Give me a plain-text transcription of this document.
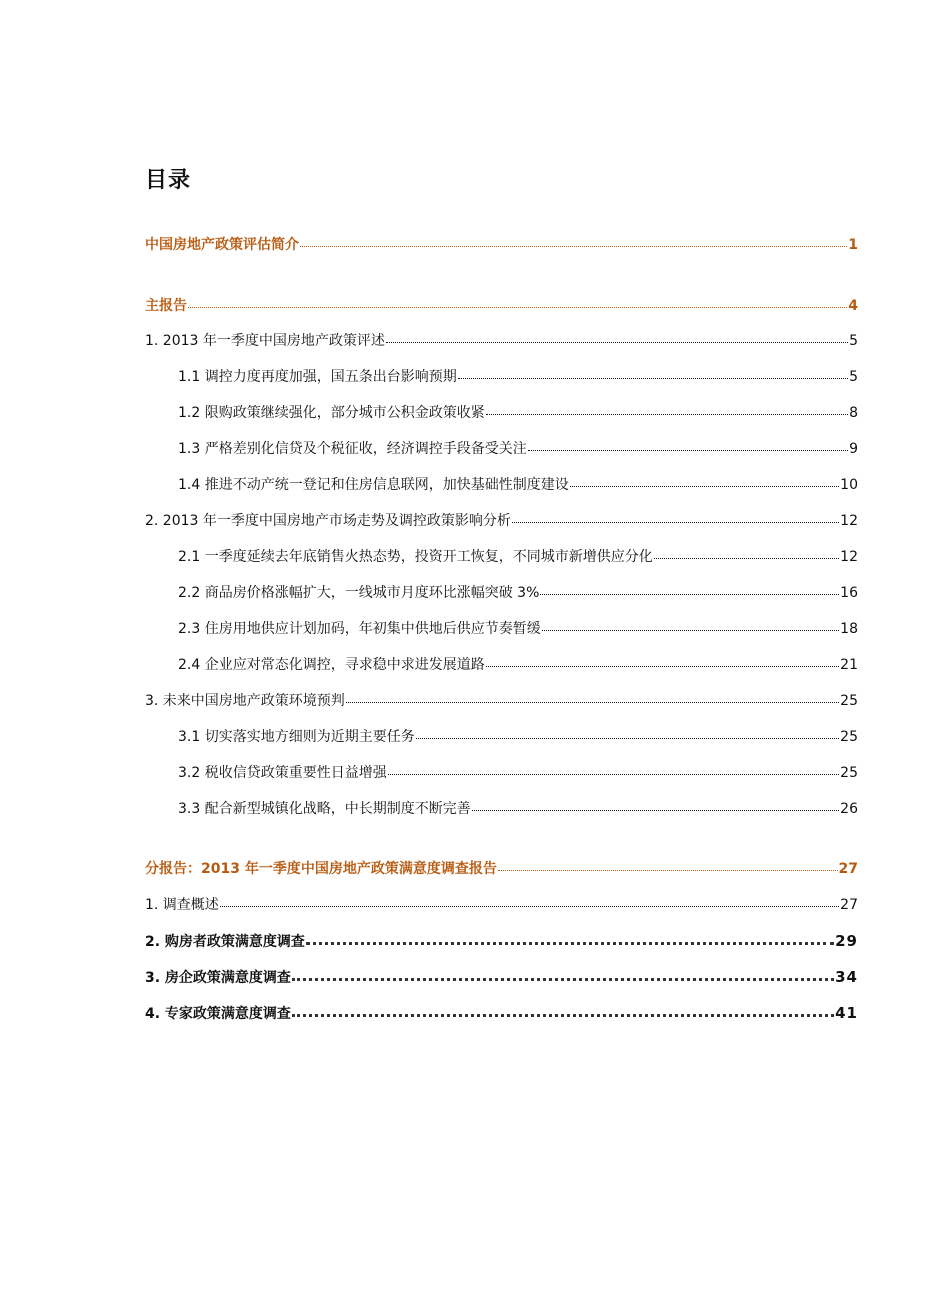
目录
中国房地产政策评估简介	1
主报告	4
1. 2013 年一季度中国房地产政策评述	5
1.1 调控力度再度加强，国五条出台影响预期	5
1.2 限购政策继续强化，部分城市公积金政策收紧	8
1.3 严格差别化信贷及个税征收，经济调控手段备受关注	9
1.4 推进不动产统一登记和住房信息联网，加快基础性制度建设	10
2. 2013 年一季度中国房地产市场走势及调控政策影响分析	12
2.1 一季度延续去年底销售火热态势，投资开工恢复，不同城市新增供应分化	12
2.2 商品房价格涨幅扩大，一线城市月度环比涨幅突破 3%	16
2.3 住房用地供应计划加码，年初集中供地后供应节奏暂缓	18
2.4 企业应对常态化调控，寻求稳中求进发展道路	21
3. 未来中国房地产政策环境预判	25
3.1 切实落实地方细则为近期主要任务	25
3.2 税收信贷政策重要性日益增强	25
3.3 配合新型城镇化战略，中长期制度不断完善	26
分报告：2013 年一季度中国房地产政策满意度调查报告	27
1. 调查概述	27
2. 购房者政策满意度调查	29
3. 房企政策满意度调查	34
4. 专家政策满意度调查	41
